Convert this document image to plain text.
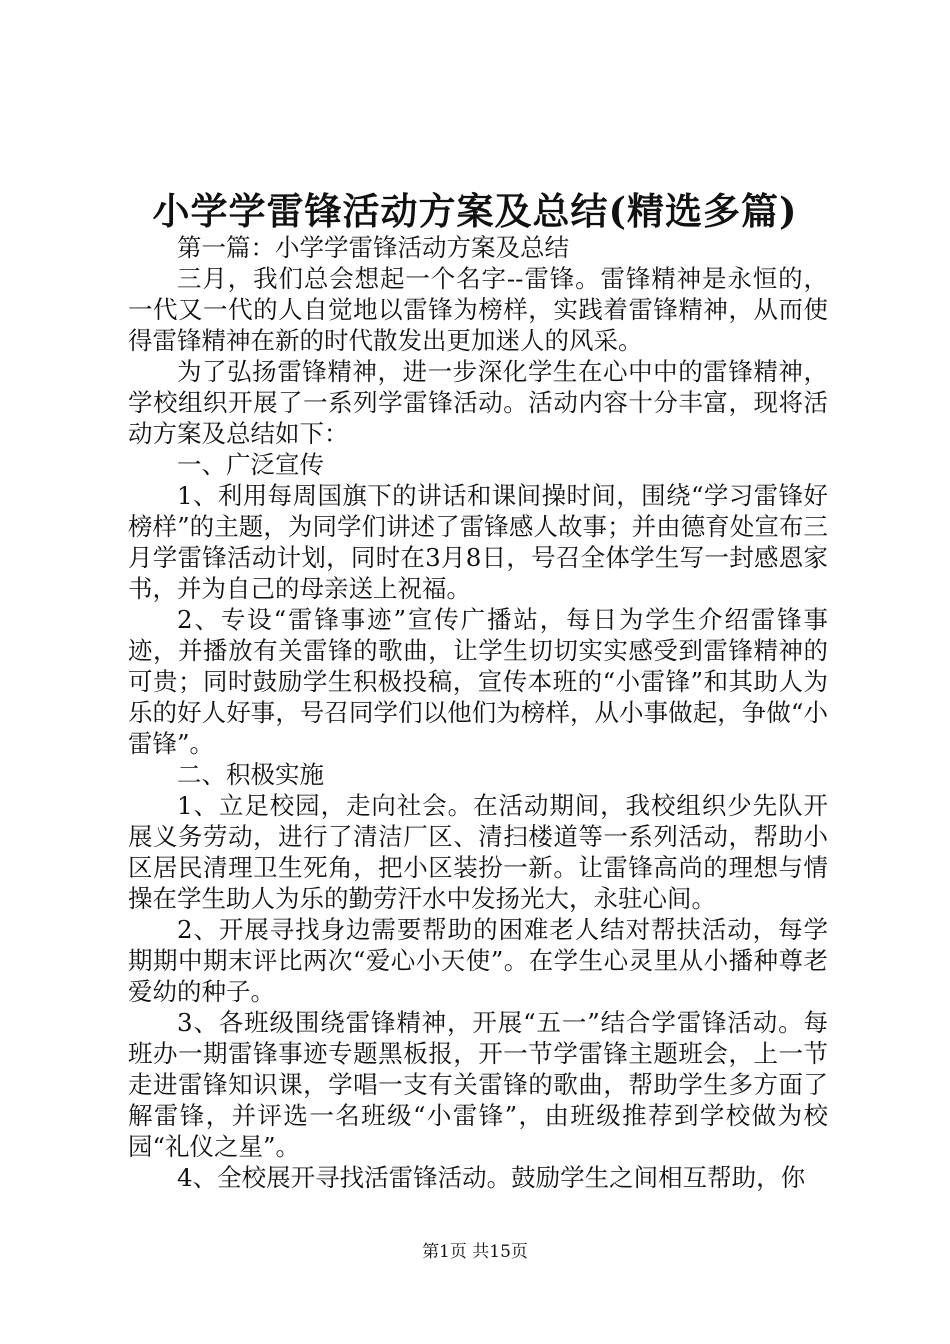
小学学雷锋活动方案及总结(精选多篇)

第一篇：小学学雷锋活动方案及总结

三月，我们总会想起一个名字--雷锋。雷锋精神是永恒的，一代又一代的人自觉地以雷锋为榜样，实践着雷锋精神，从而使得雷锋精神在新的时代散发出更加迷人的风采。

为了弘扬雷锋精神，进一步深化学生在心中中的雷锋精神，学校组织开展了一系列学雷锋活动。活动内容十分丰富，现将活动方案及总结如下：

一、广泛宣传

1、利用每周国旗下的讲话和课间操时间，围绕“学习雷锋好榜样”的主题，为同学们讲述了雷锋感人故事；并由德育处宣布三月学雷锋活动计划，同时在3月8日，号召全体学生写一封感恩家书，并为自己的母亲送上祝福。

2、专设“雷锋事迹”宣传广播站，每日为学生介绍雷锋事迹，并播放有关雷锋的歌曲，让学生切切实实感受到雷锋精神的可贵；同时鼓励学生积极投稿，宣传本班的“小雷锋”和其助人为乐的好人好事，号召同学们以他们为榜样，从小事做起，争做“小雷锋”。

二、积极实施

1、立足校园，走向社会。在活动期间，我校组织少先队开展义务劳动，进行了清洁厂区、清扫楼道等一系列活动，帮助小区居民清理卫生死角，把小区装扮一新。让雷锋高尚的理想与情操在学生助人为乐的勤劳汗水中发扬光大，永驻心间。

2、开展寻找身边需要帮助的困难老人结对帮扶活动，每学期期中期末评比两次“爱心小天使”。在学生心灵里从小播种尊老爱幼的种子。

3、各班级围绕雷锋精神，开展“五一”结合学雷锋活动。每班办一期雷锋事迹专题黑板报，开一节学雷锋主题班会，上一节走进雷锋知识课，学唱一支有关雷锋的歌曲，帮助学生多方面了解雷锋，并评选一名班级“小雷锋”，由班级推荐到学校做为校园“礼仪之星”。

4、全校展开寻找活雷锋活动。鼓励学生之间相互帮助，你

第1页 共15页
